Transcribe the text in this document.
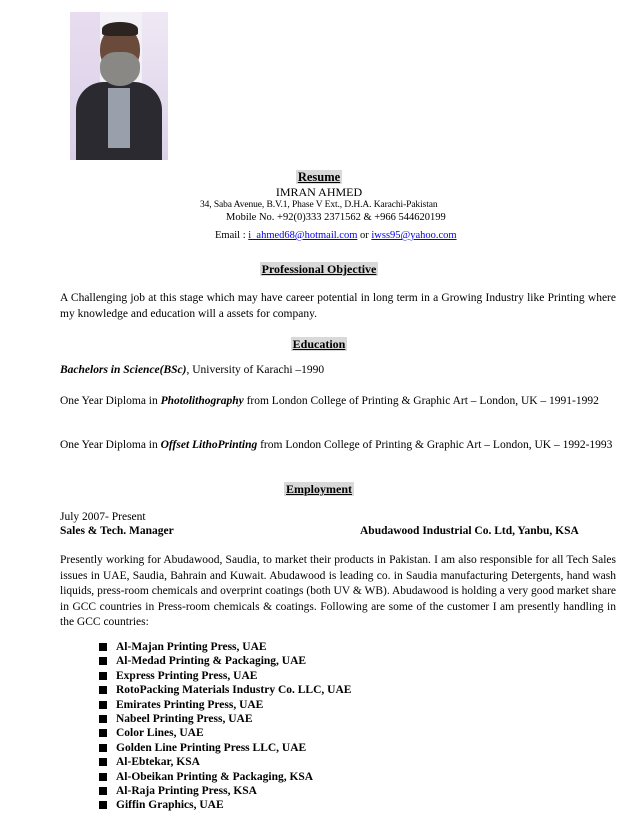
Resume
IMRAN AHMED
34, Saba Avenue, B.V.1, Phase V Ext., D.H.A. Karachi-Pakistan
Mobile No. +92(0)333 2371562 & +966 544620199
Email : i_ahmed68@hotmail.com or iwss95@yahoo.com
Professional Objective
A Challenging job at this stage which may have career potential in long term in a Growing Industry like Printing where my knowledge and education will a assets for company.
Education
Bachelors in Science(BSc), University of Karachi –1990
One Year Diploma in Photolithography from London College of Printing & Graphic Art – London, UK – 1991-1992
One Year Diploma in Offset LithoPrinting from London College of Printing & Graphic Art – London, UK – 1992-1993
Employment
July 2007- Present
Sales & Tech. Manager	Abudawood Industrial Co. Ltd, Yanbu, KSA
Presently working for Abudawood, Saudia, to market their products in Pakistan. I am also responsible for all Tech Sales issues in UAE, Saudia, Bahrain and Kuwait. Abudawood is leading co. in Saudia manufacturing Detergents, hand wash liquids, press-room chemicals and overprint coatings (both UV & WB). Abudawood is holding a very good market share in GCC countries in Press-room chemicals & coatings. Following are some of the customer I am presently handling in the GCC countries:
Al-Majan Printing Press, UAE
Al-Medad Printing & Packaging, UAE
Express Printing Press, UAE
RotoPacking Materials Industry Co. LLC, UAE
Emirates Printing Press, UAE
Nabeel Printing Press, UAE
Color Lines, UAE
Golden Line Printing Press LLC, UAE
Al-Ebtekar, KSA
Al-Obeikan Printing & Packaging, KSA
Al-Raja Printing Press, KSA
Giffin Graphics, UAE
